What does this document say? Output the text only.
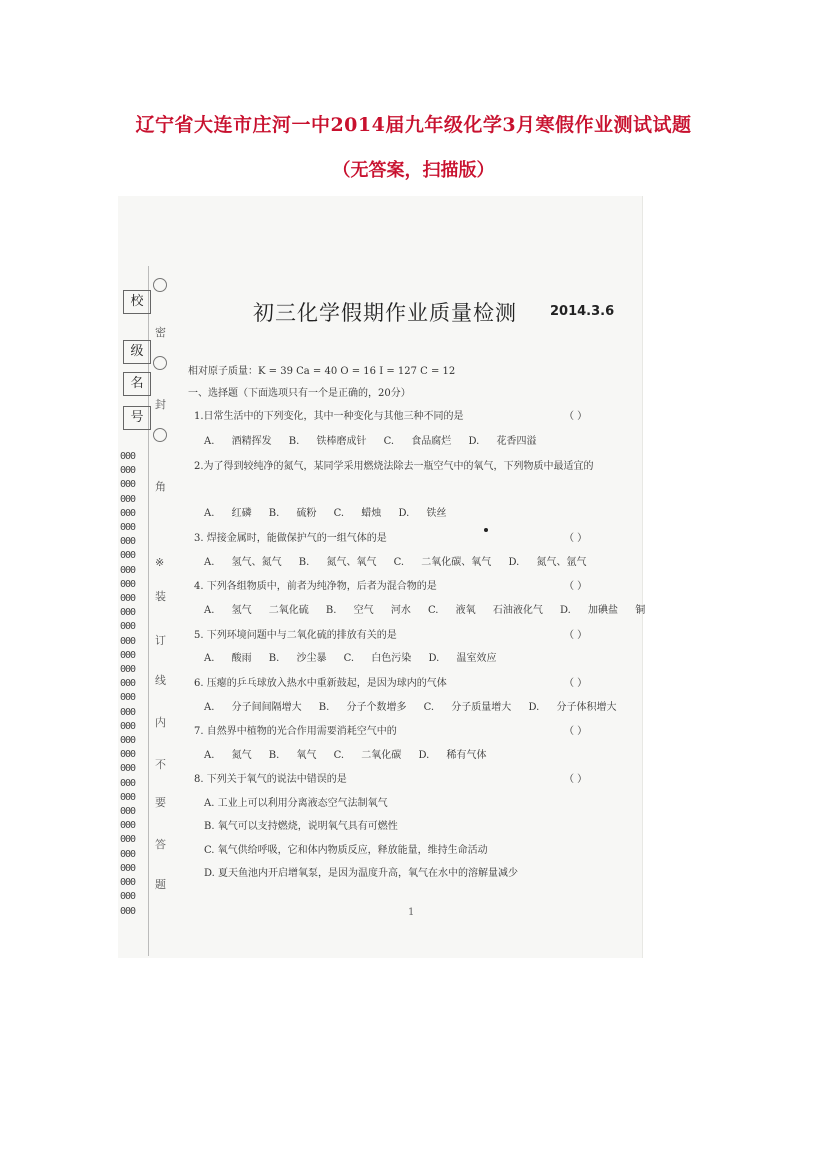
辽宁省大连市庄河一中2014届九年级化学3月寒假作业测试试题
（无答案，扫描版）
校
级
名
号
密
封
角
※
装
订
线
内
不
要
答
题
000
000
000
000
000
000
000
000
000
000
000
000
000
000
000
000
000
000
000
000
000
000
000
000
000
000
000
000
000
000
000
000
000
初三化学假期作业质量检测	2014.3.6
相对原子质量：K = 39 Ca = 40 O = 16 I = 127 C = 12
一、选择题（下面选项只有一个是正确的，20分）
1.日常生活中的下列变化，其中一种变化与其他三种不同的是	（ ）
A. 酒精挥发 B. 铁棒磨成针 C. 食品腐烂 D. 花香四溢
2.为了得到较纯净的氮气，某同学采用燃烧法除去一瓶空气中的氧气，下列物质中最适宜的
A. 红磷 B. 硫粉 C. 蜡烛 D. 铁丝
3. 焊接金属时，能做保护气的一组气体的是	（ ）
A. 氢气、氮气 B. 氮气、氧气 C. 二氧化碳、氧气 D. 氮气、氩气
4. 下列各组物质中，前者为纯净物，后者为混合物的是	（ ）
A. 氢气 二氧化硫 B. 空气 河水 C. 液氧 石油液化气 D. 加碘盐 铜
5. 下列环境问题中与二氧化硫的排放有关的是	（ ）
A. 酸雨 B. 沙尘暴 C. 白色污染 D. 温室效应
6. 压瘪的乒乓球放入热水中重新鼓起，是因为球内的气体	（ ）
A. 分子间间隔增大 B. 分子个数增多 C. 分子质量增大 D. 分子体积增大
7. 自然界中植物的光合作用需要消耗空气中的	（ ）
A. 氮气 B. 氧气 C. 二氧化碳 D. 稀有气体
8. 下列关于氧气的说法中错误的是	（ ）
A. 工业上可以利用分离液态空气法制氧气
B. 氧气可以支持燃烧，说明氧气具有可燃性
C. 氧气供给呼吸，它和体内物质反应，释放能量，维持生命活动
D. 夏天鱼池内开启增氧泵，是因为温度升高，氧气在水中的溶解量减少
1
